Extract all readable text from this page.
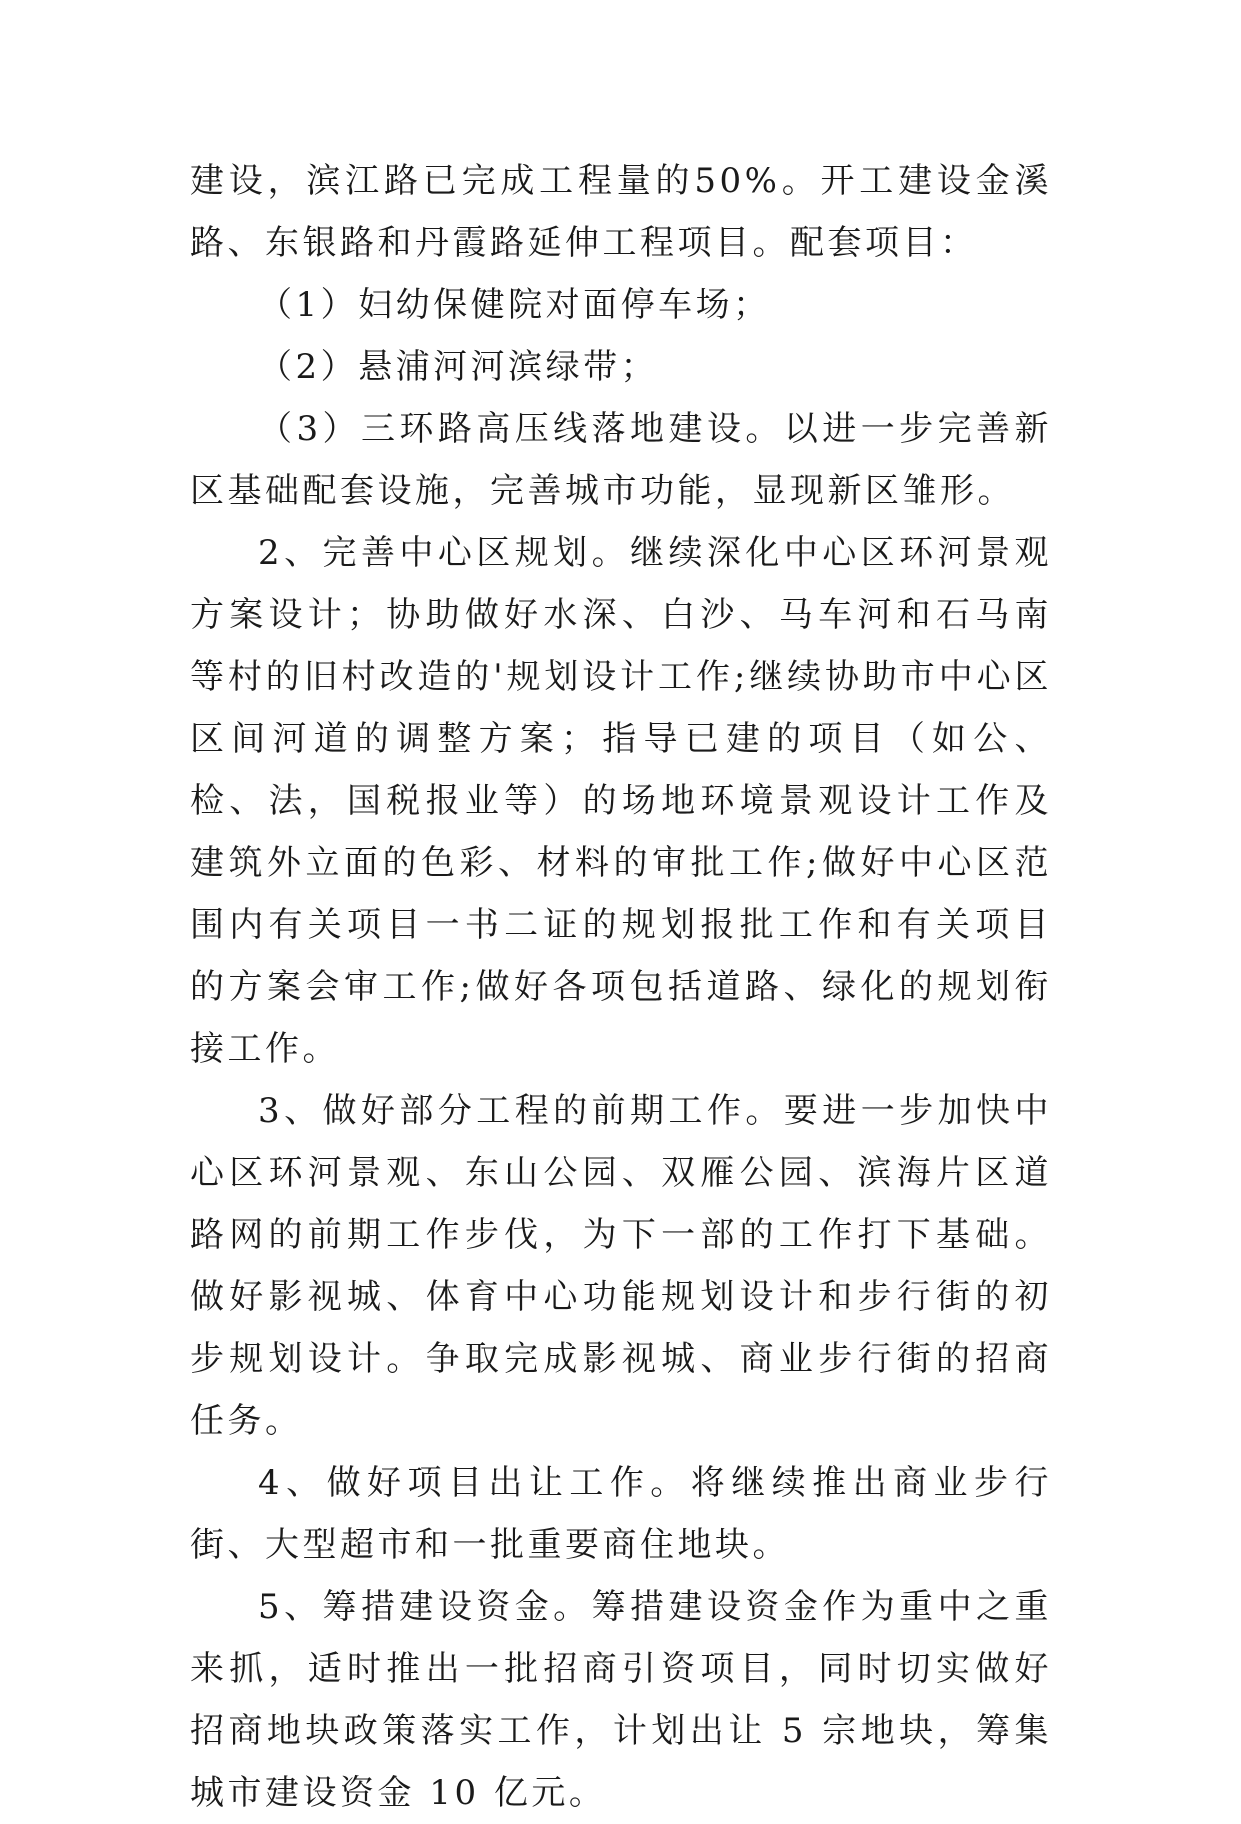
建设，滨江路已完成工程量的50%。开工建设金溪路、东银路和丹霞路延伸工程项目。配套项目：

（1）妇幼保健院对面停车场；

（2）悬浦河河滨绿带；

（3）三环路高压线落地建设。以进一步完善新区基础配套设施，完善城市功能，显现新区雏形。

2、完善中心区规划。继续深化中心区环河景观方案设计；协助做好水深、白沙、马车河和石马南等村的旧村改造的'规划设计工作;继续协助市中心区区间河道的调整方案；指导已建的项目（如公、检、法，国税报业等）的场地环境景观设计工作及建筑外立面的色彩、材料的审批工作;做好中心区范围内有关项目一书二证的规划报批工作和有关项目的方案会审工作;做好各项包括道路、绿化的规划衔接工作。

3、做好部分工程的前期工作。要进一步加快中心区环河景观、东山公园、双雁公园、滨海片区道路网的前期工作步伐，为下一部的工作打下基础。做好影视城、体育中心功能规划设计和步行街的初步规划设计。争取完成影视城、商业步行街的招商任务。

4、做好项目出让工作。将继续推出商业步行街、大型超市和一批重要商住地块。

5、筹措建设资金。筹措建设资金作为重中之重来抓，适时推出一批招商引资项目，同时切实做好招商地块政策落实工作，计划出让 5 宗地块，筹集城市建设资金 10 亿元。
